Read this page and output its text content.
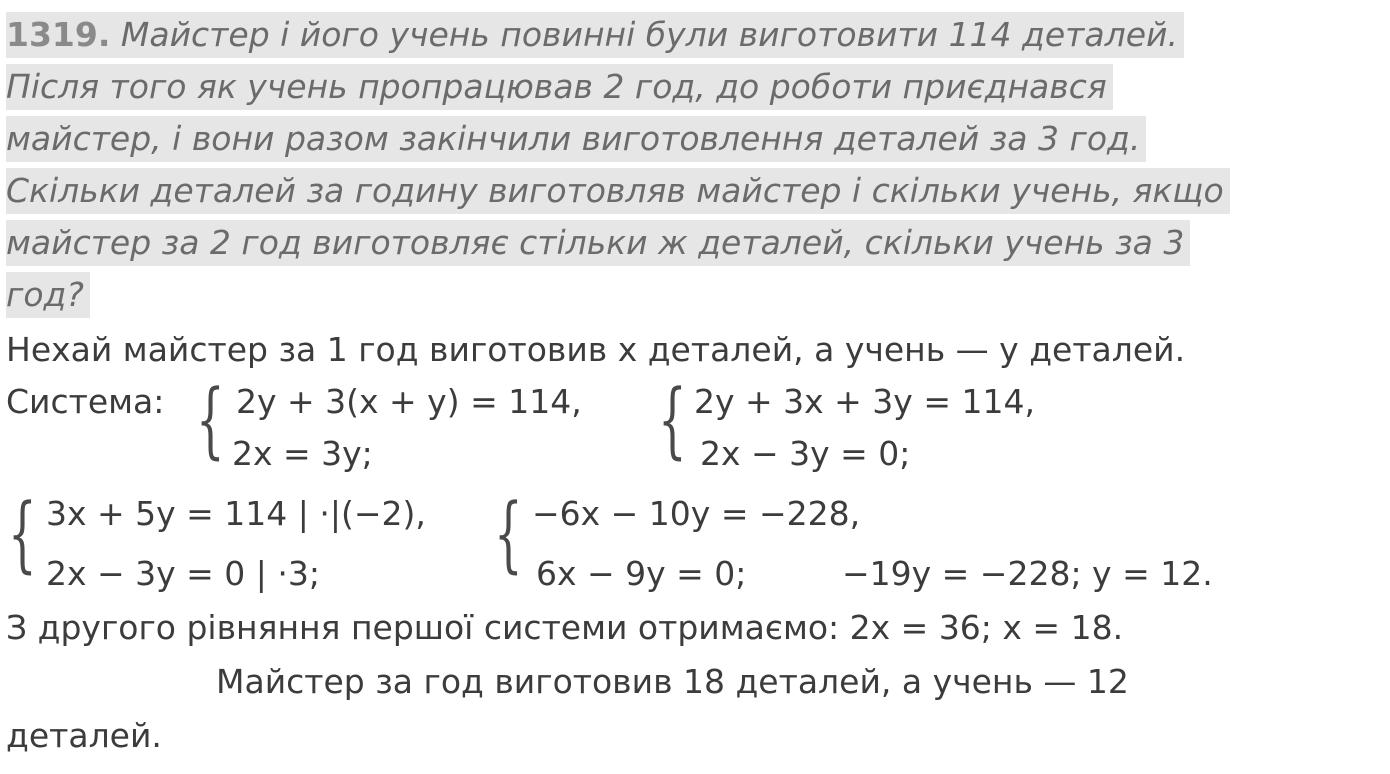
1319. Майстер і його учень повинні були виготовити 114 деталей.
Після того як учень пропрацював 2 год, до роботи приєднався
майстер, і вони разом закінчили виготовлення деталей за 3 год.
Скільки деталей за годину виготовляв майстер і скільки учень, якщо
майстер за 2 год виготовляє стільки ж деталей, скільки учень за 3
год?
Нехай майстер за 1 год виготовив x деталей, а учень — y деталей.
Система: { 2y + 3(x + y) = 114,
2x = 3y;	{ 2y + 3x + 3y = 114,
2x − 3y = 0;
{ 3x + 5y = 114 | ·|(−2),
2x − 3y = 0 | ·3; { −6x − 10y = −228,
6x − 9y = 0;	−19y = −228; y = 12.
З другого рівняння першої системи отримаємо: 2x = 36; x = 18.
Майстер за год виготовив 18 деталей, а учень — 12
деталей.
